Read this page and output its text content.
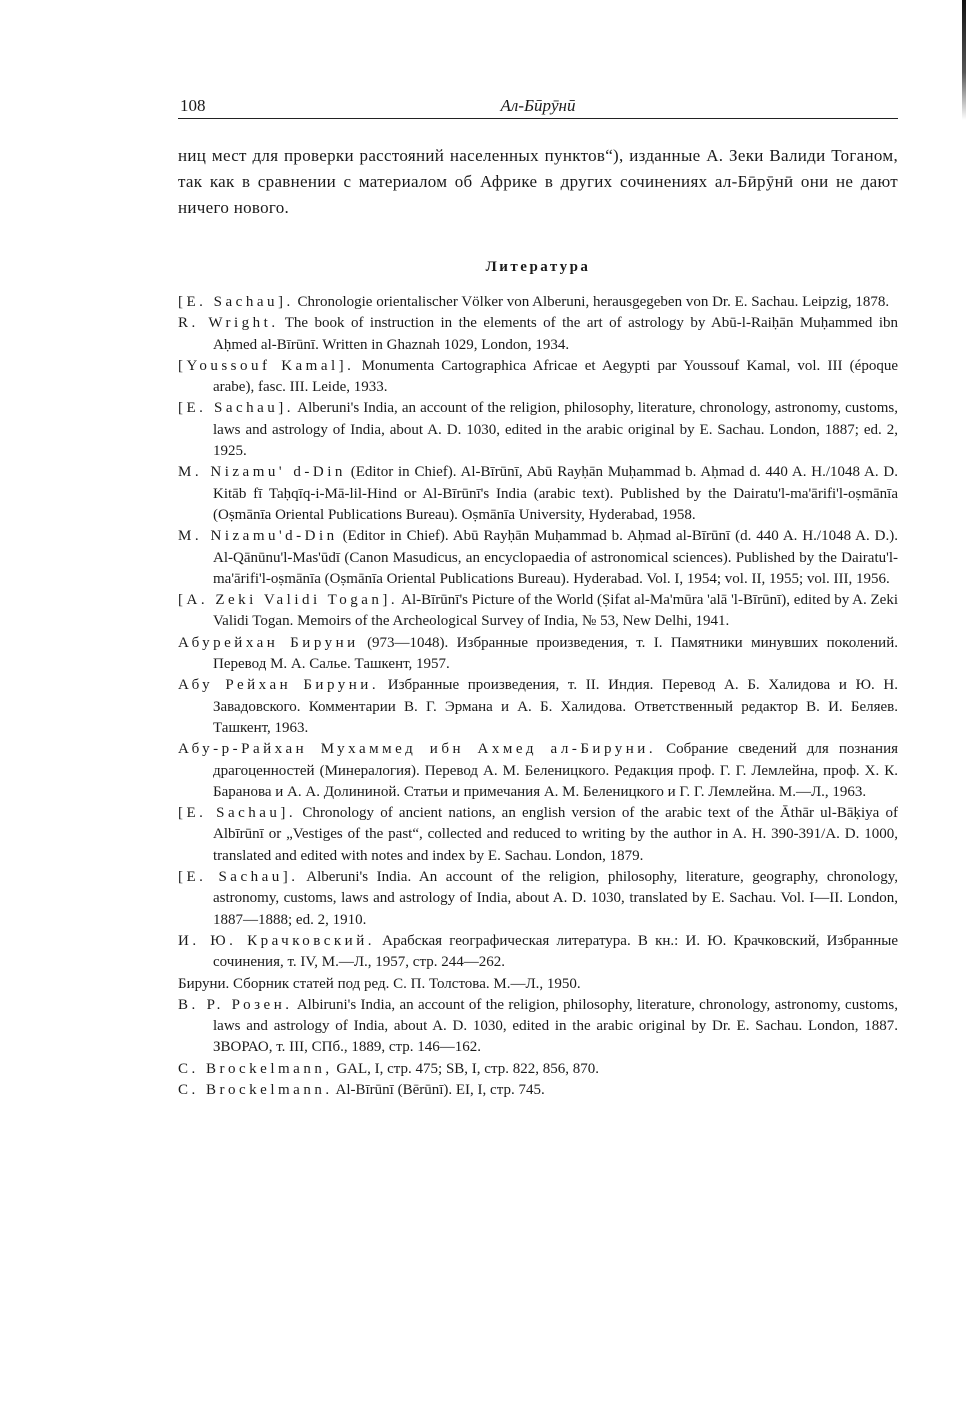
108	Ал-Бӣрӯнӣ

ниц мест для проверки расстояний населенных пунктов“), изданные А. Зеки Валиди Тоганом, так как в сравнении с материалом об Африке в других сочинениях ал-Бӣрӯнӣ они не дают ничего нового.

Литература
[E. Sachau]. Chronologie orientalischer Völker von Alberuni, herausgegeben von Dr. E. Sachau. Leipzig, 1878.
R. Wright. The book of instruction in the elements of the art of astrology by Abū-l-Raiḥān Muḥammed ibn Aḥmed al-Bīrūnī. Written in Ghaznah 1029, London, 1934.
[Youssouf Kamal]. Monumenta Cartographica Africae et Aegypti par Youssouf Kamal, vol. III (époque arabe), fasc. III. Leide, 1933.
[E. Sachau]. Alberuni's India, an account of the religion, philosophy, literature, chronology, astronomy, customs, laws and astrology of India, about A. D. 1030, edited in the arabic original by E. Sachau. London, 1887; ed. 2, 1925.
M. Nizamu' d-Din (Editor in Chief). Al-Bīrūnī, Abū Rayḥān Muḥammad b. Aḥmad d. 440 A. H./1048 A. D. Kitāb fī Taḥqīq-i-Mā-lil-Hind or Al-Bīrūnī's India (arabic text). Published by the Dairatu'l-ma'ārifi'l-oṣmānīa (Oṣmānīa Oriental Publications Bureau). Oṣmānīa University, Hyderabad, 1958.
M. Nizamu'd-Din (Editor in Chief). Abū Rayḥān Muḥammad b. Aḥmad al-Bīrūnī (d. 440 A. H./1048 A. D.). Al-Qānūnu'l-Mas'ūdī (Canon Masudicus, an encyclopaedia of astronomical sciences). Published by the Dairatu'l-ma'ārifi'l-oṣmānīa (Oṣmānīa Oriental Publications Bureau). Hyderabad. Vol. I, 1954; vol. II, 1955; vol. III, 1956.
[A. Zeki Validi Togan]. Al-Bīrūnī's Picture of the World (Ṣifat al-Ma'mūra 'alā 'l-Bīrūnī), edited by A. Zeki Validi Togan. Memoirs of the Archeological Survey of India, № 53, New Delhi, 1941.
Абурейхан Бируни (973—1048). Избранные произведения, т. I. Памятники минувших поколений. Перевод М. А. Салье. Ташкент, 1957.
Абу Рейхан Бируни. Избранные произведения, т. II. Индия. Перевод А. Б. Халидова и Ю. Н. Завадовского. Комментарии В. Г. Эрмана и А. Б. Халидова. Ответственный редактор В. И. Беляев. Ташкент, 1963.
Абу-р-Райхан Мухаммед ибн Ахмед ал-Бируни. Собрание сведений для познания драгоценностей (Минералогия). Перевод А. М. Беленицкого. Редакция проф. Г. Г. Лемлейна, проф. Х. К. Баранова и А. А. Долининой. Статьи и примечания А. М. Беленицкого и Г. Г. Лемлейна. М.—Л., 1963.
[E. Sachau]. Chronology of ancient nations, an english version of the arabic text of the Āthār ul-Bāḳiya of Albīrūnī or „Vestiges of the past“, collected and reduced to writing by the author in A. H. 390-391/A. D. 1000, translated and edited with notes and index by E. Sachau. London, 1879.
[E. Sachau]. Alberuni's India. An account of the religion, philosophy, literature, geography, chronology, astronomy, customs, laws and astrology of India, about A. D. 1030, translated by E. Sachau. Vol. I—II. London, 1887—1888; ed. 2, 1910.
И. Ю. Крачковский. Арабская географическая литература. В кн.: И. Ю. Крачковский, Избранные сочинения, т. IV, М.—Л., 1957, стр. 244—262.
Бируни. Сборник статей под ред. С. П. Толстова. М.—Л., 1950.
В. Р. Розен. Albiruni's India, an account of the religion, philosophy, literature, chronology, astronomy, customs, laws and astrology of India, about A. D. 1030, edited in the arabic original by Dr. E. Sachau. London, 1887. ЗВОРАО, т. III, СПб., 1889, стр. 146—162.
C. Brockelmann, GAL, I, стр. 475; SB, I, стр. 822, 856, 870.
C. Brockelmann. Al-Bīrūnī (Bērūnī). EI, I, стр. 745.
